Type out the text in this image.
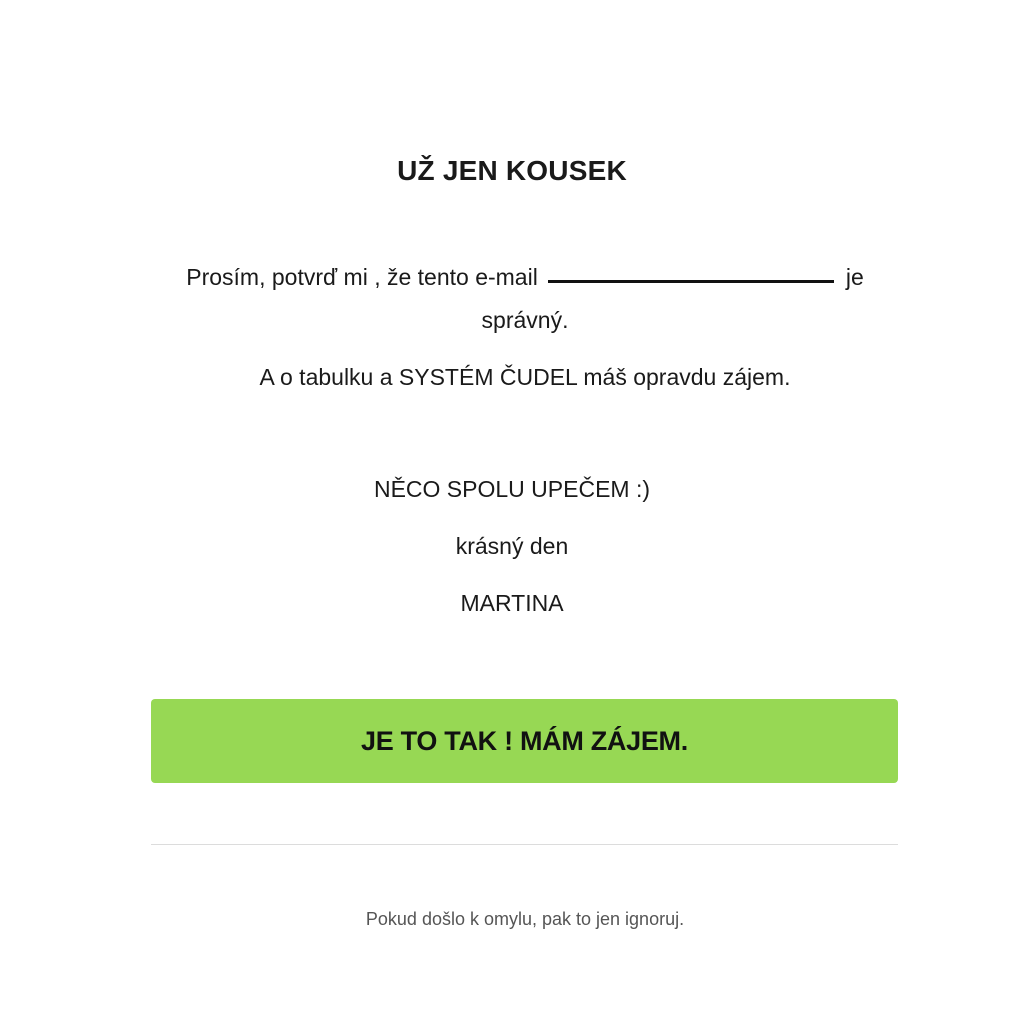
UŽ JEN KOUSEK
Prosím, potvrď mi , že tento e-mail	je správný.
A o tabulku a SYSTÉM ČUDEL máš opravdu zájem.
NĚCO SPOLU UPEČEM :)
krásný den
MARTINA
JE TO TAK ! MÁM ZÁJEM.
Pokud došlo k omylu, pak to jen ignoruj.
